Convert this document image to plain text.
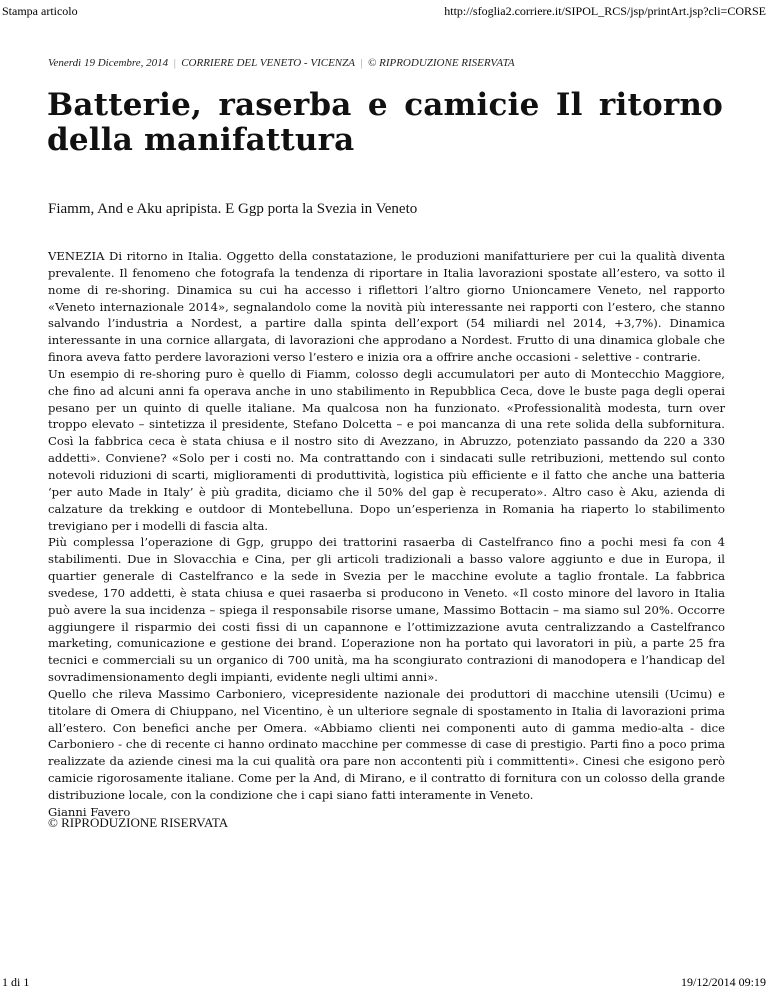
Stampa articolo	http://sfoglia2.corriere.it/SIPOL_RCS/jsp/printArt.jsp?cli=CORSE
Venerdì 19 Dicembre, 2014 | CORRIERE DEL VENETO - VICENZA | © RIPRODUZIONE RISERVATA
Batterie, raserba e camicie Il ritorno della manifattura
Fiamm, And e Aku apripista. E Ggp porta la Svezia in Veneto

VENEZIA Di ritorno in Italia. Oggetto della constatazione, le produzioni manifatturiere per cui la qualità diventa prevalente. Il fenomeno che fotografa la tendenza di riportare in Italia lavorazioni spostate all’estero, va sotto il nome di re-shoring. Dinamica su cui ha accesso i riflettori l’altro giorno Unioncamere Veneto, nel rapporto «Veneto internazionale 2014», segnalandolo come la novità più interessante nei rapporti con l’estero, che stanno salvando l’industria a Nordest, a partire dalla spinta dell’export (54 miliardi nel 2014, +3,7%). Dinamica interessante in una cornice allargata, di lavorazioni che approdano a Nordest. Frutto di una dinamica globale che finora aveva fatto perdere lavorazioni verso l’estero e inizia ora a offrire anche occasioni - selettive - contrarie.

Un esempio di re-shoring puro è quello di Fiamm, colosso degli accumulatori per auto di Montecchio Maggiore, che fino ad alcuni anni fa operava anche in uno stabilimento in Repubblica Ceca, dove le buste paga degli operai pesano per un quinto di quelle italiane. Ma qualcosa non ha funzionato. «Professionalità modesta, turn over troppo elevato – sintetizza il presidente, Stefano Dolcetta – e poi mancanza di una rete solida della subfornitura. Così la fabbrica ceca è stata chiusa e il nostro sito di Avezzano, in Abruzzo, potenziato passando da 220 a 330 addetti». Conviene? «Solo per i costi no. Ma contrattando con i sindacati sulle retribuzioni, mettendo sul conto notevoli riduzioni di scarti, miglioramenti di produttività, logistica più efficiente e il fatto che anche una batteria ‘per auto Made in Italy’ è più gradita, diciamo che il 50% del gap è recuperato». Altro caso è Aku, azienda di calzature da trekking e outdoor di Montebelluna. Dopo un’esperienza in Romania ha riaperto lo stabilimento trevigiano per i modelli di fascia alta.

Più complessa l’operazione di Ggp, gruppo dei trattorini rasaerba di Castelfranco fino a pochi mesi fa con 4 stabilimenti. Due in Slovacchia e Cina, per gli articoli tradizionali a basso valore aggiunto e due in Europa, il quartier generale di Castelfranco e la sede in Svezia per le macchine evolute a taglio frontale. La fabbrica svedese, 170 addetti, è stata chiusa e quei rasaerba si producono in Veneto. «Il costo minore del lavoro in Italia può avere la sua incidenza – spiega il responsabile risorse umane, Massimo Bottacin – ma siamo sul 20%. Occorre aggiungere il risparmio dei costi fissi di un capannone e l’ottimizzazione avuta centralizzando a Castelfranco marketing, comunicazione e gestione dei brand. L’operazione non ha portato qui lavoratori in più, a parte 25 fra tecnici e commerciali su un organico di 700 unità, ma ha scongiurato contrazioni di manodopera e l’handicap del sovradimensionamento degli impianti, evidente negli ultimi anni».

Quello che rileva Massimo Carboniero, vicepresidente nazionale dei produttori di macchine utensili (Ucimu) e titolare di Omera di Chiuppano, nel Vicentino, è un ulteriore segnale di spostamento in Italia di lavorazioni prima all’estero. Con benefici anche per Omera. «Abbiamo clienti nei componenti auto di gamma medio-alta - dice Carboniero - che di recente ci hanno ordinato macchine per commesse di case di prestigio. Parti fino a poco prima realizzate da aziende cinesi ma la cui qualità ora pare non accontenti più i committenti». Cinesi che esigono però camicie rigorosamente italiane. Come per la And, di Mirano, e il contratto di fornitura con un colosso della grande distribuzione locale, con la condizione che i capi siano fatti interamente in Veneto.

Gianni Favero

© RIPRODUZIONE RISERVATA
1 di 1	19/12/2014 09:19
